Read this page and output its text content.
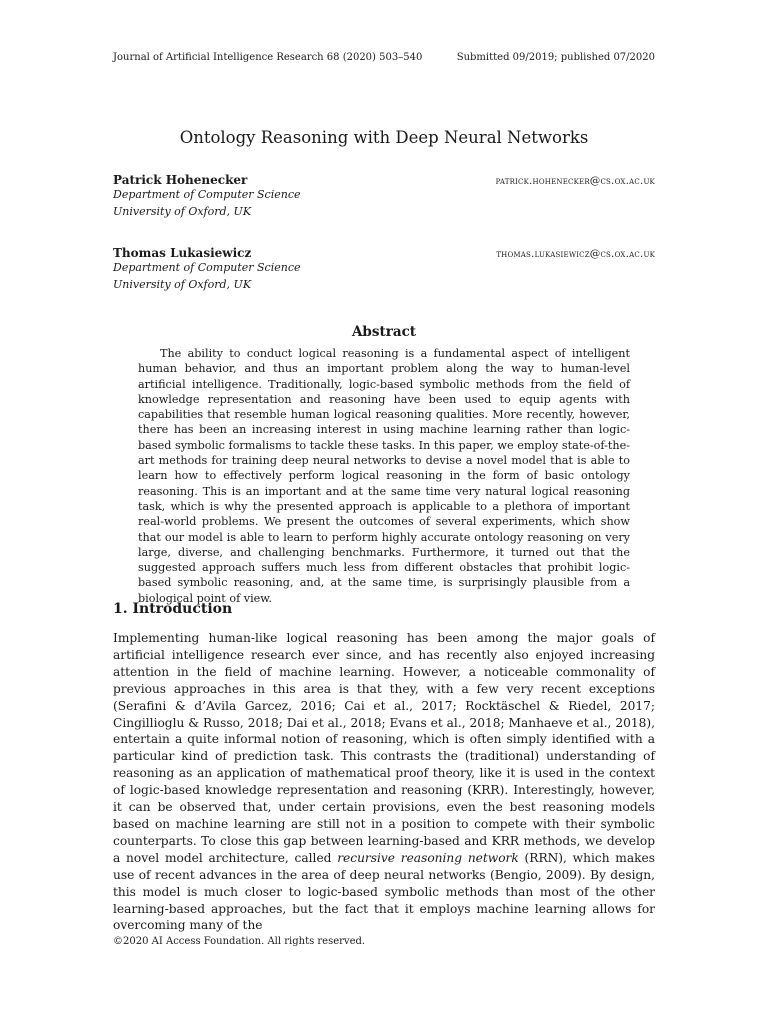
Journal of Artificial Intelligence Research 68 (2020) 503–540	Submitted 09/2019; published 07/2020
Ontology Reasoning with Deep Neural Networks
Patrick Hohenecker	patrick.hohenecker@cs.ox.ac.uk
Department of Computer Science
University of Oxford, UK
Thomas Lukasiewicz	thomas.lukasiewicz@cs.ox.ac.uk
Department of Computer Science
University of Oxford, UK
Abstract

The ability to conduct logical reasoning is a fundamental aspect of intelligent human behavior, and thus an important problem along the way to human-level artificial intelligence. Traditionally, logic-based symbolic methods from the field of knowledge representation and reasoning have been used to equip agents with capabilities that resemble human logical reasoning qualities. More recently, however, there has been an increasing interest in using machine learning rather than logic-based symbolic formalisms to tackle these tasks. In this paper, we employ state-of-the-art methods for training deep neural networks to devise a novel model that is able to learn how to effectively perform logical reasoning in the form of basic ontology reasoning. This is an important and at the same time very natural logical reasoning task, which is why the presented approach is applicable to a plethora of important real-world problems. We present the outcomes of several experiments, which show that our model is able to learn to perform highly accurate ontology reasoning on very large, diverse, and challenging benchmarks. Furthermore, it turned out that the suggested approach suffers much less from different obstacles that prohibit logic-based symbolic reasoning, and, at the same time, is surprisingly plausible from a biological point of view.

1. Introduction

Implementing human-like logical reasoning has been among the major goals of artificial intelligence research ever since, and has recently also enjoyed increasing attention in the field of machine learning. However, a noticeable commonality of previous approaches in this area is that they, with a few very recent exceptions (Serafini & d’Avila Garcez, 2016; Cai et al., 2017; Rocktäschel & Riedel, 2017; Cingillioglu & Russo, 2018; Dai et al., 2018; Evans et al., 2018; Manhaeve et al., 2018), entertain a quite informal notion of reasoning, which is often simply identified with a particular kind of prediction task. This contrasts the (traditional) understanding of reasoning as an application of mathematical proof theory, like it is used in the context of logic-based knowledge representation and reasoning (KRR). Interestingly, however, it can be observed that, under certain provisions, even the best reasoning models based on machine learning are still not in a position to compete with their symbolic counterparts. To close this gap between learning-based and KRR methods, we develop a novel model architecture, called recursive reasoning network (RRN), which makes use of recent advances in the area of deep neural networks (Bengio, 2009). By design, this model is much closer to logic-based symbolic methods than most of the other learning-based approaches, but the fact that it employs machine learning allows for overcoming many of the

©2020 AI Access Foundation. All rights reserved.
